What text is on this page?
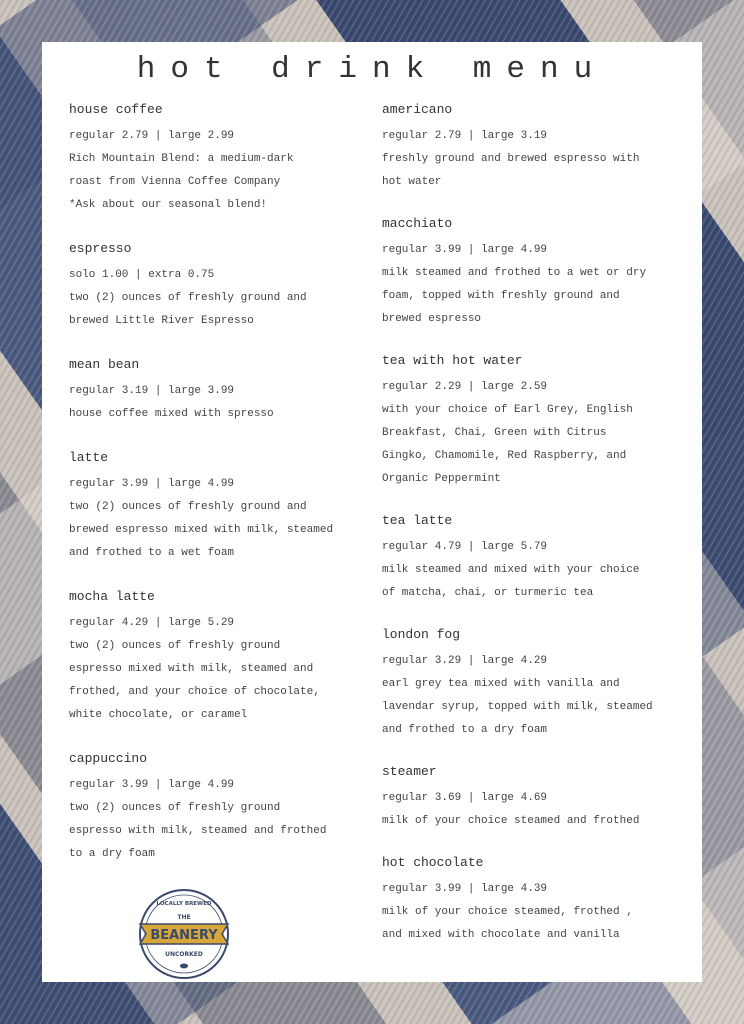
hot drink menu
house coffee
regular 2.79 | large 2.99
Rich Mountain Blend: a medium-dark
roast from Vienna Coffee Company
*Ask about our seasonal blend!
espresso
solo 1.00 | extra 0.75
two (2) ounces of freshly ground and
brewed Little River Espresso
mean bean
regular 3.19 | large 3.99
house coffee mixed with spresso
latte
regular 3.99 | large 4.99
two (2) ounces of freshly ground and
brewed espresso mixed with milk, steamed
and frothed to a wet foam
mocha latte
regular 4.29 | large 5.29
two (2) ounces of freshly ground
espresso mixed with milk, steamed and
frothed, and your choice of chocolate,
white chocolate, or caramel
cappuccino
regular 3.99 | large 4.99
two (2) ounces of freshly ground
espresso with milk, steamed and frothed
to a dry foam
americano
regular 2.79 | large 3.19
freshly ground and brewed espresso with
hot water
macchiato
regular 3.99 | large 4.99
milk steamed and frothed to a wet or dry
foam, topped with freshly ground and
brewed espresso
tea with hot water
regular 2.29 | large 2.59
with your choice of Earl Grey, English
Breakfast, Chai, Green with Citrus
Gingko, Chamomile, Red Raspberry, and
Organic Peppermint
tea latte
regular 4.79 | large 5.79
milk steamed and mixed with your choice
of matcha, chai, or turmeric tea
london fog
regular 3.29 | large 4.29
earl grey tea mixed with vanilla and
lavendar syrup, topped with milk, steamed
and frothed to a dry foam
steamer
regular 3.69 | large 4.69
milk of your choice steamed and frothed
hot chocolate
regular 3.99 | large 4.39
milk of your choice steamed, frothed ,
and mixed with chocolate and vanilla
LOCALLY BREWED
THE
BEANERY
UNCORKED
